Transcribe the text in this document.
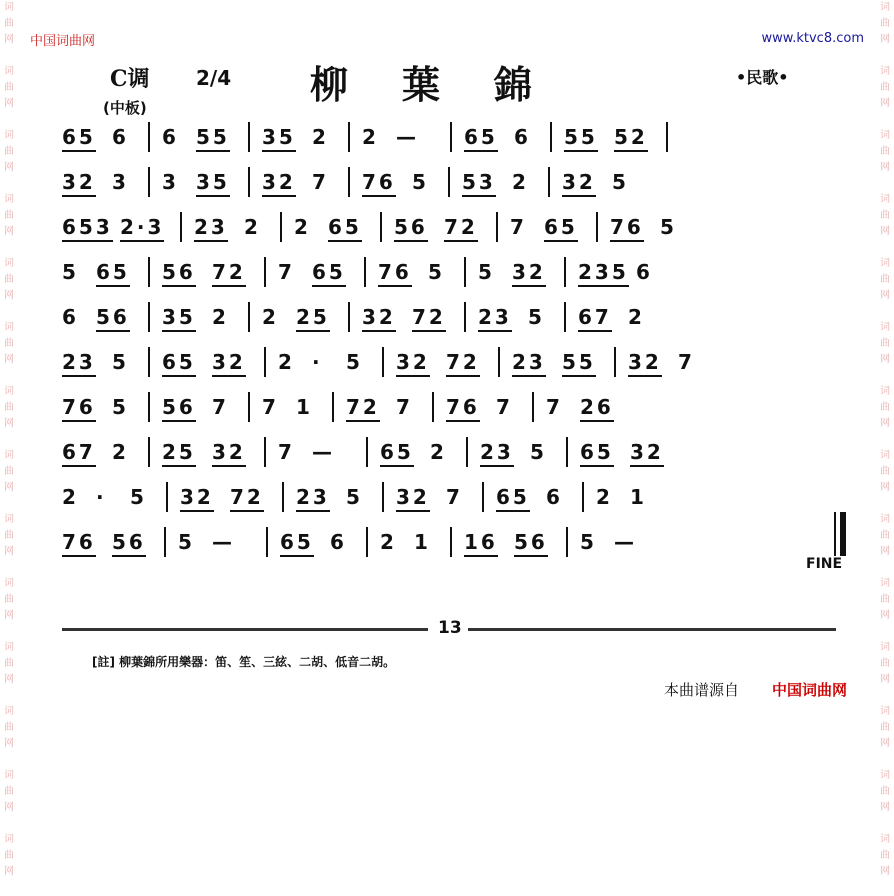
词
曲
网

词
曲
网

词
曲
网

词
曲
网

词
曲
网

词
曲
网

词
曲
网

词
曲
网

词
曲
网

词
曲
网

词
曲
网

词
曲
网

词
曲
网

词
曲
网

词
曲
网

词
曲
网

词
曲
网

词
曲
网

词
曲
网

词
曲
网

词
曲
网

词
曲
网

词
曲
网

词
曲
网

词
曲
网

词
曲
网

词
曲
网

词
曲
网

中国词曲网	www.ktvc8.com
C调 2/4 柳葉錦
(中板)
•民歌•
65 6 6 55 35 2 2 — 65 6 55 52
32 3 3 35 32 7 76 5 53 2 32 5
653 2·3 23 2 2 65 56 72 7 65 76 5
5 65 56 72 7 65 76 5 5 32 235 6
6 56 35 2 2 25 32 72 23 5 67 2
23 5 65 32 2 · 5 32 72 23 55 32 7
76 5 56 7 7 1 72 7 76 7 7 26
67 2 25 32 7 — 65 2 23 5 65 32
2 · 5 32 72 23 5 32 7 65 6 2 1
76 56 5 — 65 6 2 1 16 56 5 —
FINE
13
[註] 柳葉錦所用樂器：笛、笙、三絃、二胡、低音二胡。
本曲谱源自 中国词曲网
